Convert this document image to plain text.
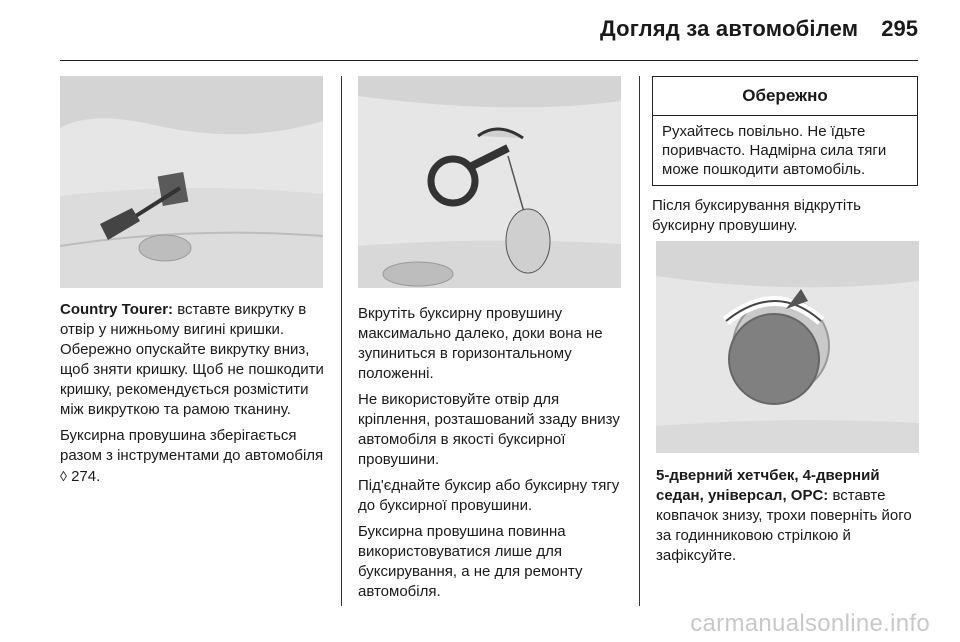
Догляд за автомобілем 295

Country Tourer: вставте викрутку в отвір у нижньому вигині кришки. Обережно опускайте викрутку вниз, щоб зняти кришку. Щоб не пошкодити кришку, рекомендується розмістити між викруткою та рамою тканину.

Буксирна провушина зберігається разом з інструментами до автомобіля ◊ 274.

Вкрутіть буксирну провушину максимально далеко, доки вона не зупиниться в горизонтальному положенні.

Не використовуйте отвір для кріплення, розташований ззаду внизу автомобіля в якості буксирної провушини.

Під'єднайте буксир або буксирну тягу до буксирної провушини.

Буксирна провушина повинна використовуватися лише для буксирування, а не для ремонту автомобіля.

Обережно
Рухайтесь повільно. Не їдьте поривчасто. Надмірна сила тяги може пошкодити автомобіль.

Після буксирування відкрутіть буксирну провушину.

5-дверний хетчбек, 4-дверний седан, універсал, OPC: вставте ковпачок знизу, трохи поверніть його за годинниковою стрілкою й зафіксуйте.

carmanualsonline.info
